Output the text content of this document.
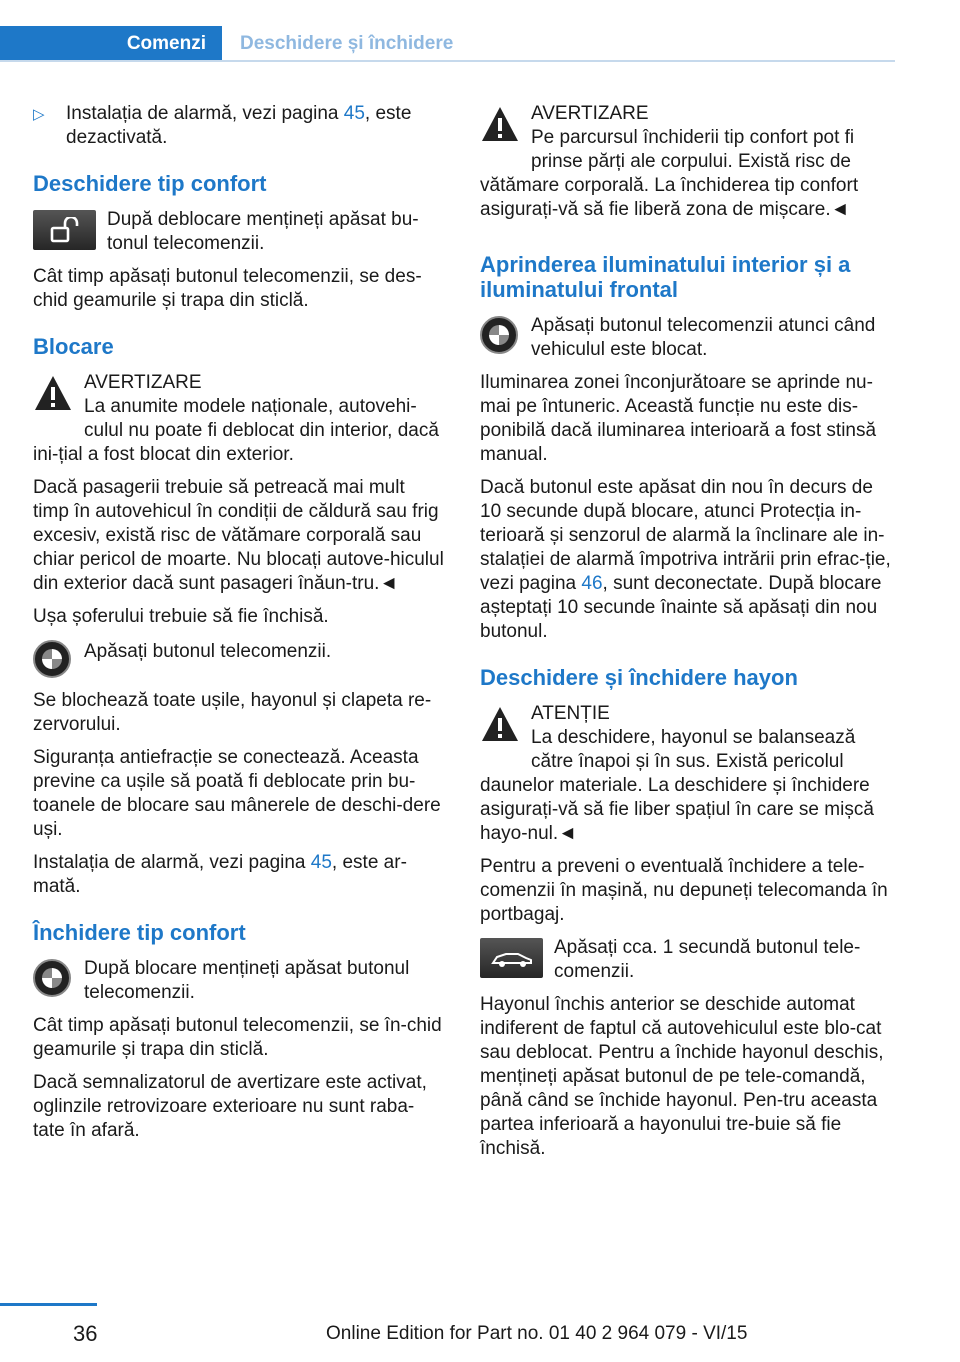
Comenzi	Deschidere și închidere
▷	Instalația de alarmă, vezi pagina 45, este dezactivată.
Deschidere tip confort

După deblocare mențineți apăsat bu-tonul telecomenzii.

Cât timp apăsați butonul telecomenzii, se des-chid geamurile și trapa din sticlă.

Blocare
AVERTIZARE
La anumite modele naționale, autovehi-culul nu poate fi deblocat din interior, dacă ini-țial a fost blocat din exterior.

Dacă pasagerii trebuie să petreacă mai mult timp în autovehicul în condiții de căldură sau frig excesiv, există risc de vătămare corporală sau chiar pericol de moarte. Nu blocați autove-hiculul din exterior dacă sunt pasageri înăun-tru.◄

Ușa șoferului trebuie să fie închisă.

Apăsați butonul telecomenzii.

Se blochează toate ușile, hayonul și clapeta re-zervorului.

Siguranța antiefracție se conectează. Aceasta previne ca ușile să poată fi deblocate prin bu-toanele de blocare sau mânerele de deschi-dere uși.

Instalația de alarmă, vezi pagina 45, este ar-mată.

Închidere tip confort

După blocare mențineți apăsat butonul telecomenzii.

Cât timp apăsați butonul telecomenzii, se în-chid geamurile și trapa din sticlă.

Dacă semnalizatorul de avertizare este activat, oglinzile retrovizoare exterioare nu sunt raba-tate în afară.

AVERTIZARE
Pe parcursul închiderii tip confort pot fi prinse părți ale corpului. Există risc de vătămare corporală. La închiderea tip confort asigurați-vă să fie liberă zona de mișcare.◄
Aprinderea iluminatului interior și a iluminatului frontal

Apăsați butonul telecomenzii atunci când vehiculul este blocat.

Iluminarea zonei înconjurătoare se aprinde nu-mai pe întuneric. Această funcție nu este dis-ponibilă dacă iluminarea interioară a fost stinsă manual.

Dacă butonul este apăsat din nou în decurs de 10 secunde după blocare, atunci Protecția in-terioară și senzorul de alarmă la înclinare ale in-stalației de alarmă împotriva intrării prin efrac-ție, vezi pagina 46, sunt deconectate. După blocare așteptați 10 secunde înainte să apăsați din nou butonul.

Deschidere și închidere hayon
ATENȚIE
La deschidere, hayonul se balansează către înapoi și în sus. Există pericolul daunelor materiale. La deschidere și închidere asigurați-vă să fie liber spațiul în care se mișcă hayo-nul.◄

Pentru a preveni o eventuală închidere a tele-comenzii în mașină, nu depuneți telecomanda în portbagaj.

Apăsați cca. 1 secundă butonul tele-comenzii.

Hayonul închis anterior se deschide automat indiferent de faptul că autovehiculul este blo-cat sau deblocat. Pentru a închide hayonul deschis, mențineți apăsat butonul de pe tele-comandă, până când se închide hayonul. Pen-tru aceasta partea inferioară a hayonului tre-buie să fie închisă.

36	Online Edition for Part no. 01 40 2 964 079 - VI/15
